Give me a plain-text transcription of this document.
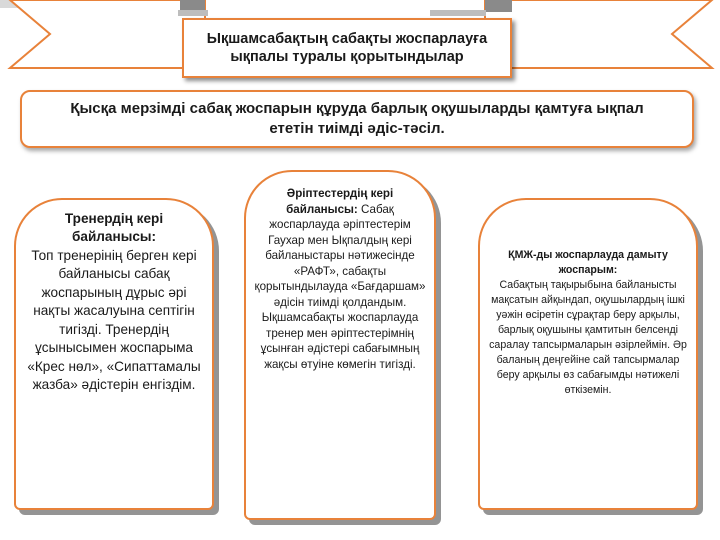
Ықшамсабақтың сабақты жоспарлауға
ықпалы туралы қорытындылар
Қысқа мерзімді сабақ жоспарын құруда барлық оқушыларды қамтуға ықпал
ететін тиімді әдіс-тәсіл.
Тренердің кері байланысы:
Топ тренерінің берген кері байланысы сабақ жоспарының дұрыс әрі нақты жасалуына септігін тигізді. Тренердің ұсынысымен жоспарыма «Крес нөл», «Сипаттамалы жазба» әдістерін енгіздім.
Әріптестердің кері байланысы: Сабақ жоспарлауда әріптестерім Гаухар мен Ықпалдың кері байланыстары нәтижесінде «РАФТ», сабақты қорытындылауда «Бағдаршам» әдісін тиімді қолдандым. Ықшамсабақты жоспарлауда тренер мен әріптестерімнің ұсынған әдістері сабағымның жақсы өтуіне көмегін тигізді.
ҚМЖ-ды жоспарлауда дамыту жоспарым:
Сабақтың тақырыбына байланысты мақсатын айқындап, оқушылардың ішкі уәжін өсіретін сұрақтар беру арқылы, барлық оқушыны қамтитын белсенді саралау тапсырмаларын әзірлеймін. Әр баланың деңгейіне сай тапсырмалар беру арқылы өз сабағымды нәтижелі өткіземін.
